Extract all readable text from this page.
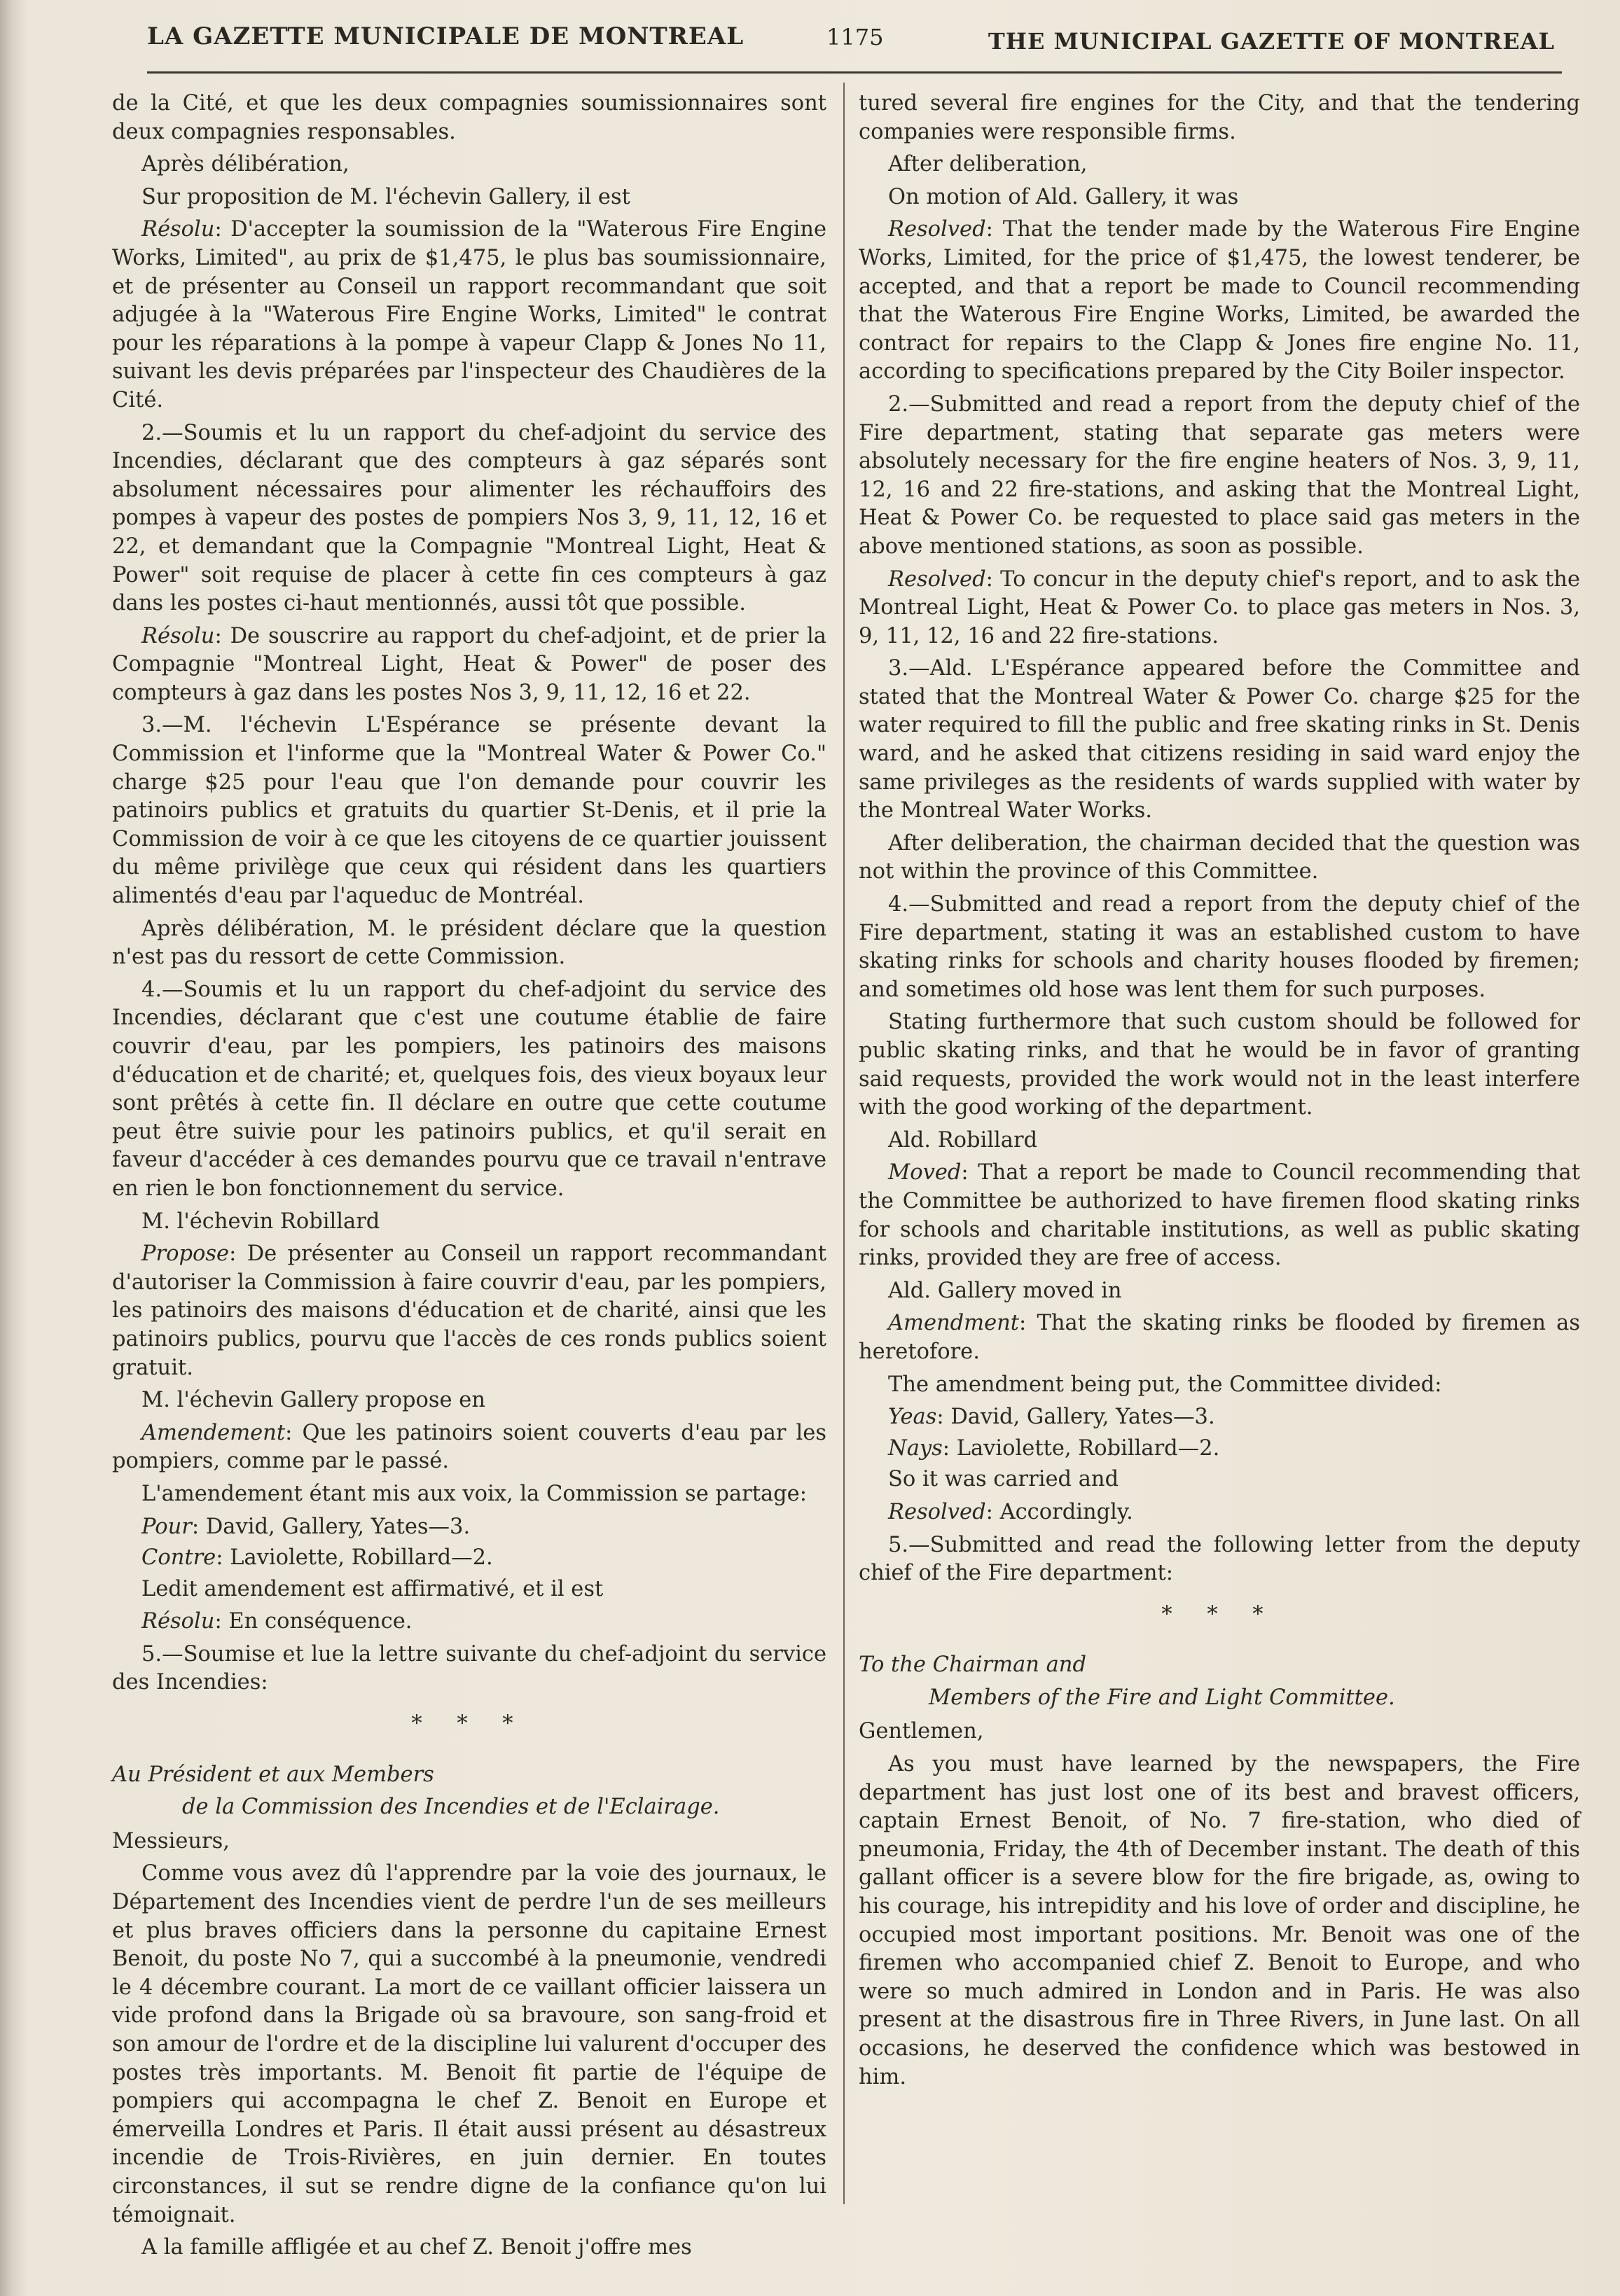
LA GAZETTE MUNICIPALE DE MONTREAL	1175	THE MUNICIPAL GAZETTE OF MONTREAL

de la Cité, et que les deux compagnies soumissionnaires sont deux compagnies responsables.

Après délibération,

Sur proposition de M. l'échevin Gallery, il est

Résolu: D'accepter la soumission de la "Waterous Fire Engine Works, Limited", au prix de $1,475, le plus bas soumissionnaire, et de présenter au Conseil un rapport recommandant que soit adjugée à la "Waterous Fire Engine Works, Limited" le contrat pour les réparations à la pompe à vapeur Clapp & Jones No 11, suivant les devis préparées par l'inspecteur des Chaudières de la Cité.

2.—Soumis et lu un rapport du chef-adjoint du service des Incendies, déclarant que des compteurs à gaz séparés sont absolument nécessaires pour alimenter les réchauffoirs des pompes à vapeur des postes de pompiers Nos 3, 9, 11, 12, 16 et 22, et demandant que la Compagnie "Montreal Light, Heat & Power" soit requise de placer à cette fin ces compteurs à gaz dans les postes ci-haut mentionnés, aussi tôt que possible.

Résolu: De souscrire au rapport du chef-adjoint, et de prier la Compagnie "Montreal Light, Heat & Power" de poser des compteurs à gaz dans les postes Nos 3, 9, 11, 12, 16 et 22.

3.—M. l'échevin L'Espérance se présente devant la Commission et l'informe que la "Montreal Water & Power Co." charge $25 pour l'eau que l'on demande pour couvrir les patinoirs publics et gratuits du quartier St-Denis, et il prie la Commission de voir à ce que les citoyens de ce quartier jouissent du même privilège que ceux qui résident dans les quartiers alimentés d'eau par l'aqueduc de Montréal.

Après délibération, M. le président déclare que la question n'est pas du ressort de cette Commission.

4.—Soumis et lu un rapport du chef-adjoint du service des Incendies, déclarant que c'est une coutume établie de faire couvrir d'eau, par les pompiers, les patinoirs des maisons d'éducation et de charité; et, quelques fois, des vieux boyaux leur sont prêtés à cette fin. Il déclare en outre que cette coutume peut être suivie pour les patinoirs publics, et qu'il serait en faveur d'accéder à ces demandes pourvu que ce travail n'entrave en rien le bon fonctionnement du service.

M. l'échevin Robillard

Propose: De présenter au Conseil un rapport recommandant d'autoriser la Commission à faire couvrir d'eau, par les pompiers, les patinoirs des maisons d'éducation et de charité, ainsi que les patinoirs publics, pourvu que l'accès de ces ronds publics soient gratuit.

M. l'échevin Gallery propose en

Amendement: Que les patinoirs soient couverts d'eau par les pompiers, comme par le passé.

L'amendement étant mis aux voix, la Commission se partage:

Pour: David, Gallery, Yates—3.

Contre: Laviolette, Robillard—2.

Ledit amendement est affirmativé, et il est

Résolu: En conséquence.

5.—Soumise et lue la lettre suivante du chef-adjoint du service des Incendies:

* * *

Au Président et aux Members

de la Commission des Incendies et de l'Eclairage.

Messieurs,

Comme vous avez dû l'apprendre par la voie des journaux, le Département des Incendies vient de perdre l'un de ses meilleurs et plus braves officiers dans la personne du capitaine Ernest Benoit, du poste No 7, qui a succombé à la pneumonie, vendredi le 4 décembre courant. La mort de ce vaillant officier laissera un vide profond dans la Brigade où sa bravoure, son sang-froid et son amour de l'ordre et de la discipline lui valurent d'occuper des postes très importants. M. Benoit fit partie de l'équipe de pompiers qui accompagna le chef Z. Benoit en Europe et émerveilla Londres et Paris. Il était aussi présent au désastreux incendie de Trois-Rivières, en juin dernier. En toutes circonstances, il sut se rendre digne de la confiance qu'on lui témoignait.

A la famille affligée et au chef Z. Benoit j'offre mes

tured several fire engines for the City, and that the tendering companies were responsible firms.

After deliberation,

On motion of Ald. Gallery, it was

Resolved: That the tender made by the Waterous Fire Engine Works, Limited, for the price of $1,475, the lowest tenderer, be accepted, and that a report be made to Council recommending that the Waterous Fire Engine Works, Limited, be awarded the contract for repairs to the Clapp & Jones fire engine No. 11, according to specifications prepared by the City Boiler inspector.

2.—Submitted and read a report from the deputy chief of the Fire department, stating that separate gas meters were absolutely necessary for the fire engine heaters of Nos. 3, 9, 11, 12, 16 and 22 fire-stations, and asking that the Montreal Light, Heat & Power Co. be requested to place said gas meters in the above mentioned stations, as soon as possible.

Resolved: To concur in the deputy chief's report, and to ask the Montreal Light, Heat & Power Co. to place gas meters in Nos. 3, 9, 11, 12, 16 and 22 fire-stations.

3.—Ald. L'Espérance appeared before the Committee and stated that the Montreal Water & Power Co. charge $25 for the water required to fill the public and free skating rinks in St. Denis ward, and he asked that citizens residing in said ward enjoy the same privileges as the residents of wards supplied with water by the Montreal Water Works.

After deliberation, the chairman decided that the question was not within the province of this Committee.

4.—Submitted and read a report from the deputy chief of the Fire department, stating it was an established custom to have skating rinks for schools and charity houses flooded by firemen; and sometimes old hose was lent them for such purposes.

Stating furthermore that such custom should be followed for public skating rinks, and that he would be in favor of granting said requests, provided the work would not in the least interfere with the good working of the department.

Ald. Robillard

Moved: That a report be made to Council recommending that the Committee be authorized to have firemen flood skating rinks for schools and charitable institutions, as well as public skating rinks, provided they are free of access.

Ald. Gallery moved in

Amendment: That the skating rinks be flooded by firemen as heretofore.

The amendment being put, the Committee divided:

Yeas: David, Gallery, Yates—3.

Nays: Laviolette, Robillard—2.

So it was carried and

Resolved: Accordingly.

5.—Submitted and read the following letter from the deputy chief of the Fire department:

* * *

To the Chairman and

Members of the Fire and Light Committee.

Gentlemen,

As you must have learned by the newspapers, the Fire department has just lost one of its best and bravest officers, captain Ernest Benoit, of No. 7 fire-station, who died of pneumonia, Friday, the 4th of December instant. The death of this gallant officer is a severe blow for the fire brigade, as, owing to his courage, his intrepidity and his love of order and discipline, he occupied most important positions. Mr. Benoit was one of the firemen who accompanied chief Z. Benoit to Europe, and who were so much admired in London and in Paris. He was also present at the disastrous fire in Three Rivers, in June last. On all occasions, he deserved the confidence which was bestowed in him.
